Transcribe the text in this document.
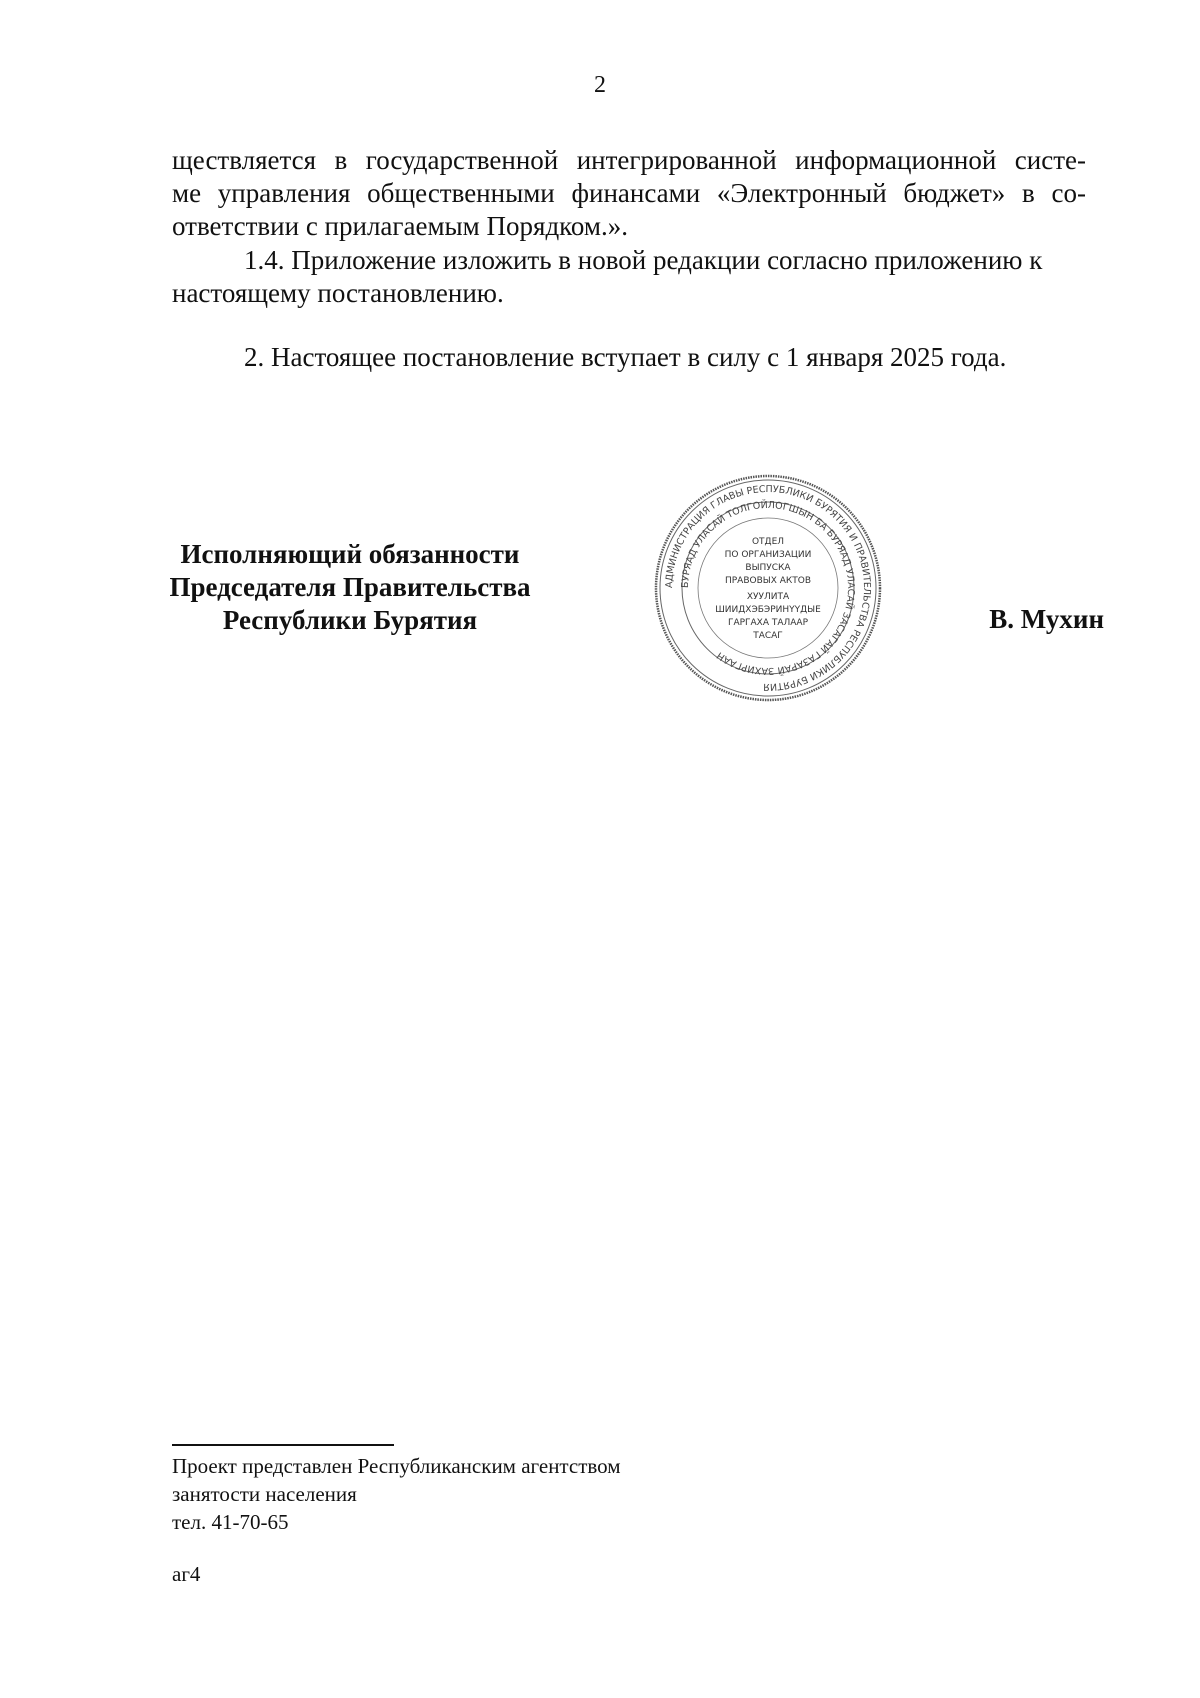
2
ществляется в государственной интегрированной информационной систе-
ме управления общественными финансами «Электронный бюджет» в со-
ответствии с прилагаемым Порядком.».
1.4. Приложение изложить в новой редакции согласно приложению к
настоящему постановлению.
2. Настоящее постановление вступает в силу с 1 января 2025 года.
Исполняющий обязанности
Председателя Правительства
Республики Бурятия
АДМИНИСТРАЦИЯ ГЛАВЫ РЕСПУБЛИКИ БУРЯТИЯ И ПРАВИТЕЛЬСТВА РЕСПУБЛИКИ БУРЯТИЯ
БУРЯАД УЛАСАЙ ТОЛГОЙЛОГШЫН БА БУРЯАД УЛАСАЙ ЗАСАГАЙ ГАЗАРАЙ ЗАХИРГААН
ОТДЕЛ
ПО ОРГАНИЗАЦИИ
ВЫПУСКА
ПРАВОВЫХ АКТОВ
ХУУЛИТА
ШИИДХЭБЭРИНҮҮДЫЕ
ГАРГАХА ТАЛААР
ТАСАГ
В. Мухин
Проект представлен Республиканским агентством
занятости населения
тел. 41-70-65
аг4
